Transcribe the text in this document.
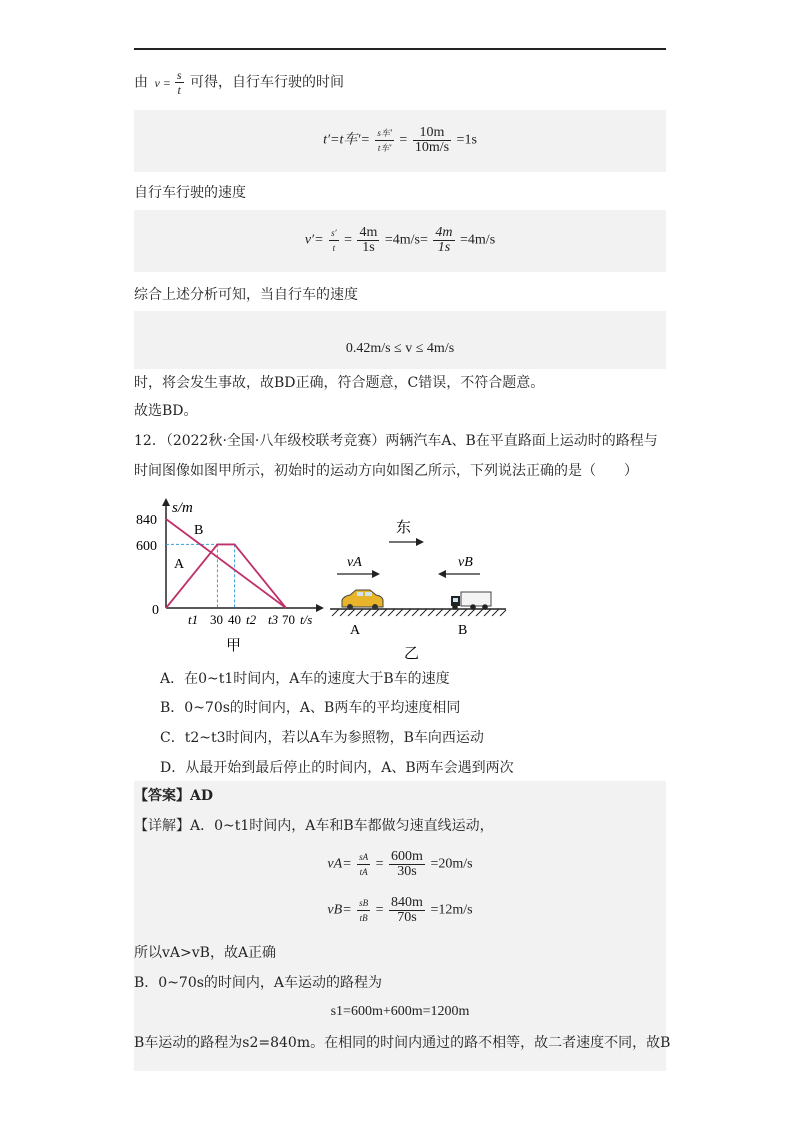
由 $v = \frac{s}{t}$ 可得，自行车行驶的时间
t′=t车′= $\frac{\text{s车′}}{\text{t车′}} = \frac{10m}{10m/s} =1s$
自行车行驶的速度
$v'= \frac{s'}{t} = \frac{4m}{1s} =4m/s= \frac{4m}{1s} =4m/s$
综合上述分析可知，当自行车的速度
0.42m/s ≤ v ≤ 4m/s
时，将会发生事故，故BD正确，符合题意，C错误，不符合题意。
故选BD。
12．（2022秋·全国·八年级校联考竞赛）两辆汽车A、B在平直路面上运动时的路程与
时间图像如图甲所示，初始时的运动方向如图乙所示，下列说法正确的是（　　）
s/m
840
600
0
B
A
t1 30 40 t2 t3 70 t/s
甲
东
vA	vB
A	B
乙
A．在0~t1时间内，A车的速度大于B车的速度
B．0~70s的时间内，A、B两车的平均速度相同
C．t2~t3时间内，若以A车为参照物，B车向西运动
D．从最开始到最后停止的时间内，A、B两车会遇到两次
【答案】AD
【详解】A．0~t1时间内，A车和B车都做匀速直线运动，
$vA= \frac{sA}{tA} = \frac{600m}{30s} =20m/s$
$vB= \frac{sB}{tB} = \frac{840m}{70s} =12m/s$
所以vA>vB，故A正确
B．0~70s的时间内，A车运动的路程为
s1=600m+600m=1200m
B车运动的路程为s2=840m。在相同的时间内通过的路不相等，故二者速度不同，故B
